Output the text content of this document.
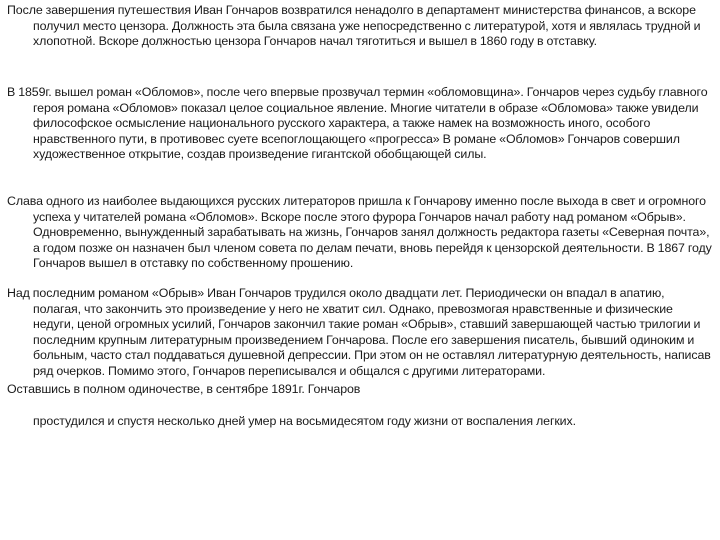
После завершения путешествия Иван Гончаров возвратился ненадолго в департамент министерства финансов, а вскоре получил место цензора. Должность эта была связана уже непосредственно с литературой, хотя и являлась трудной и хлопотной. Вскоре должностью цензора Гончаров начал тяготиться и вышел в 1860 году в отставку.

В 1859г. вышел роман «Обломов», после чего впервые прозвучал термин «обломовщина». Гончаров через судьбу главного героя романа «Обломов» показал целое социальное явление. Многие читатели в образе «Обломова» также увидели философское осмысление национального русского характера, а также намек на возможность иного, особого нравственного пути, в противовес суете всепоглощающего «прогресса» В романе «Обломов» Гончаров совершил художественное открытие, создав произведение гигантской обобщающей силы.

Слава одного из наиболее выдающихся русских литераторов пришла к Гончарову именно после выхода в свет и огромного успеха у читателей романа «Обломов». Вскоре после этого фурора Гончаров начал работу над романом «Обрыв». Одновременно, вынужденный зарабатывать на жизнь, Гончаров занял должность редактора газеты «Северная почта», а годом позже он назначен был членом совета по делам печати, вновь перейдя к цензорской деятельности. В 1867 году Гончаров вышел в отставку по собственному прошению.

Над последним романом «Обрыв» Иван Гончаров трудился около двадцати лет. Периодически он впадал в апатию, полагая, что закончить это произведение у него не хватит сил. Однако, превозмогая нравственные и физические недуги, ценой огромных усилий, Гончаров закончил такие роман «Обрыв», ставший завершающей частью трилогии и последним крупным литературным произведением Гончарова. После его завершения писатель, бывший одиноким и больным, часто стал поддаваться душевной депрессии. При этом он не оставлял литературную деятельность, написав ряд очерков. Помимо этого, Гончаров переписывался и общался с другими литераторами.

Оставшись в полном одиночестве, в сентябре 1891г. Гончаров

простудился и спустя несколько дней умер на восьмидесятом году жизни от воспаления легких.
